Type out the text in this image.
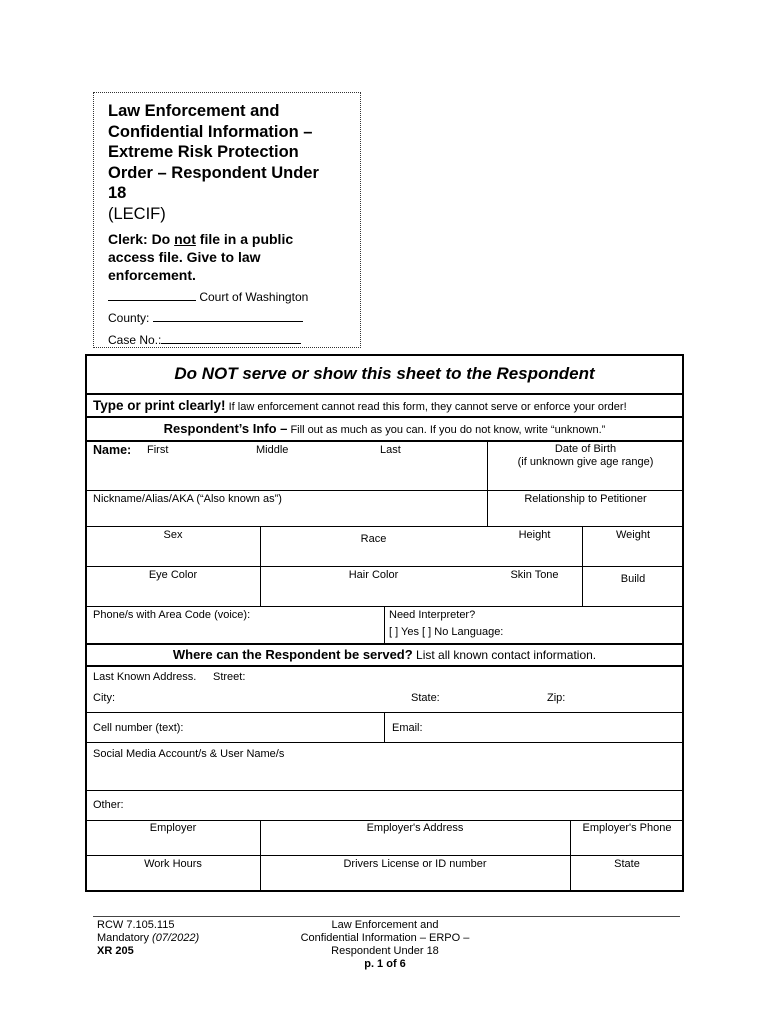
Law Enforcement and Confidential Information – Extreme Risk Protection Order – Respondent Under 18
(LECIF)
Clerk: Do not file in a public access file. Give to law enforcement.
Court of Washington
County:
Case No.:
Do NOT serve or show this sheet to the Respondent
Type or print clearly! If law enforcement cannot read this form, they cannot serve or enforce your order!
Respondent’s Info – Fill out as much as you can. If you do not know, write “unknown.”
Name: First	Middle	Last	Date of Birth
(if unknown give age range)
Nickname/Alias/AKA (“Also known as”)	Relationship to Petitioner
Sex	Race	Height	Weight
Eye Color	Hair Color	Skin Tone	Build
Phone/s with Area Code (voice):	Need Interpreter?
[ ] Yes [ ] No Language:
Where can the Respondent be served? List all known contact information.
Last Known Address. Street:
City:	State:	Zip:
Cell number (text):	Email:
Social Media Account/s & User Name/s
Other:
Employer	Employer's Address	Employer's Phone
Work Hours	Drivers License or ID number	State
RCW 7.105.115
Mandatory (07/2022)
XR 205
Law Enforcement and
Confidential Information – ERPO –
Respondent Under 18
p. 1 of 6
